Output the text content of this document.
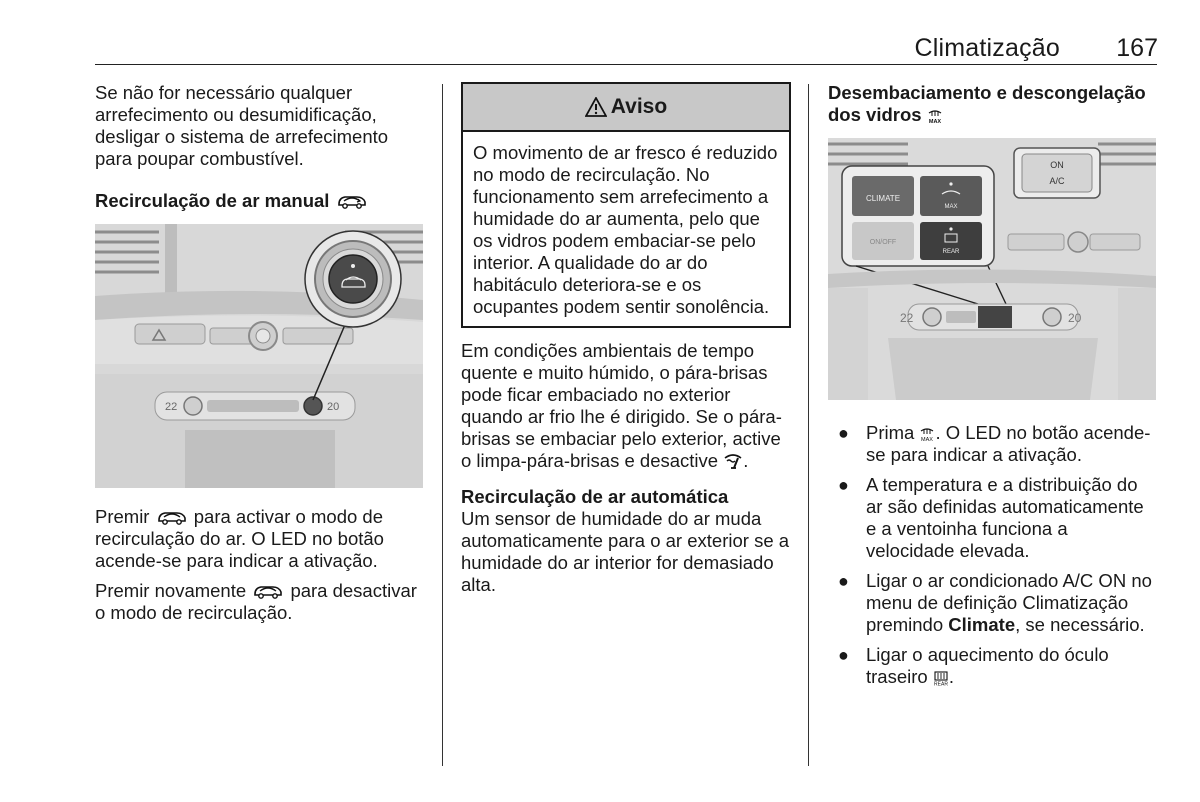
Climatização	167

Se não for necessário qualquer arrefecimento ou desumidificação, desligar o sistema de arrefecimento para poupar combustível.

Recirculação de ar manual
22	20

Premir para activar o modo de recirculação do ar. O LED no botão acende-se para indicar a ativação.

Premir novamente para desactivar o modo de recirculação.

Aviso
O movimento de ar fresco é reduzido no modo de recirculação. No funcionamento sem arrefecimento a humidade do ar aumenta, pelo que os vidros podem embaciar-se pelo interior. A qualidade do ar do habitáculo deteriora-se e os ocupantes podem sentir sonolência.

Em condições ambientais de tempo quente e muito húmido, o pára-brisas pode ficar embaciado no exterior quando ar frio lhe é dirigido. Se o pára-brisas se embaciar pelo exterior, active o limpa-pára-brisas e desactive .

Recirculação de ar automática

Um sensor de humidade do ar muda automaticamente para o ar exterior se a humidade do ar interior for demasiado alta.

Desembaciamento e descongelação dos vidros MAX
ON
A/C
CLIMATE
MAX
ON/OFF
REAR
22	20
● Prima MAX . O LED no botão acende-se para indicar a ativação.
● A temperatura e a distribuição do ar são definidas automaticamente e a ventoinha funciona a velocidade elevada.
● Ligar o ar condicionado A/C ON no menu de definição Climatização premindo Climate, se necessário.
● Ligar o aquecimento do óculo traseiro REAR .
